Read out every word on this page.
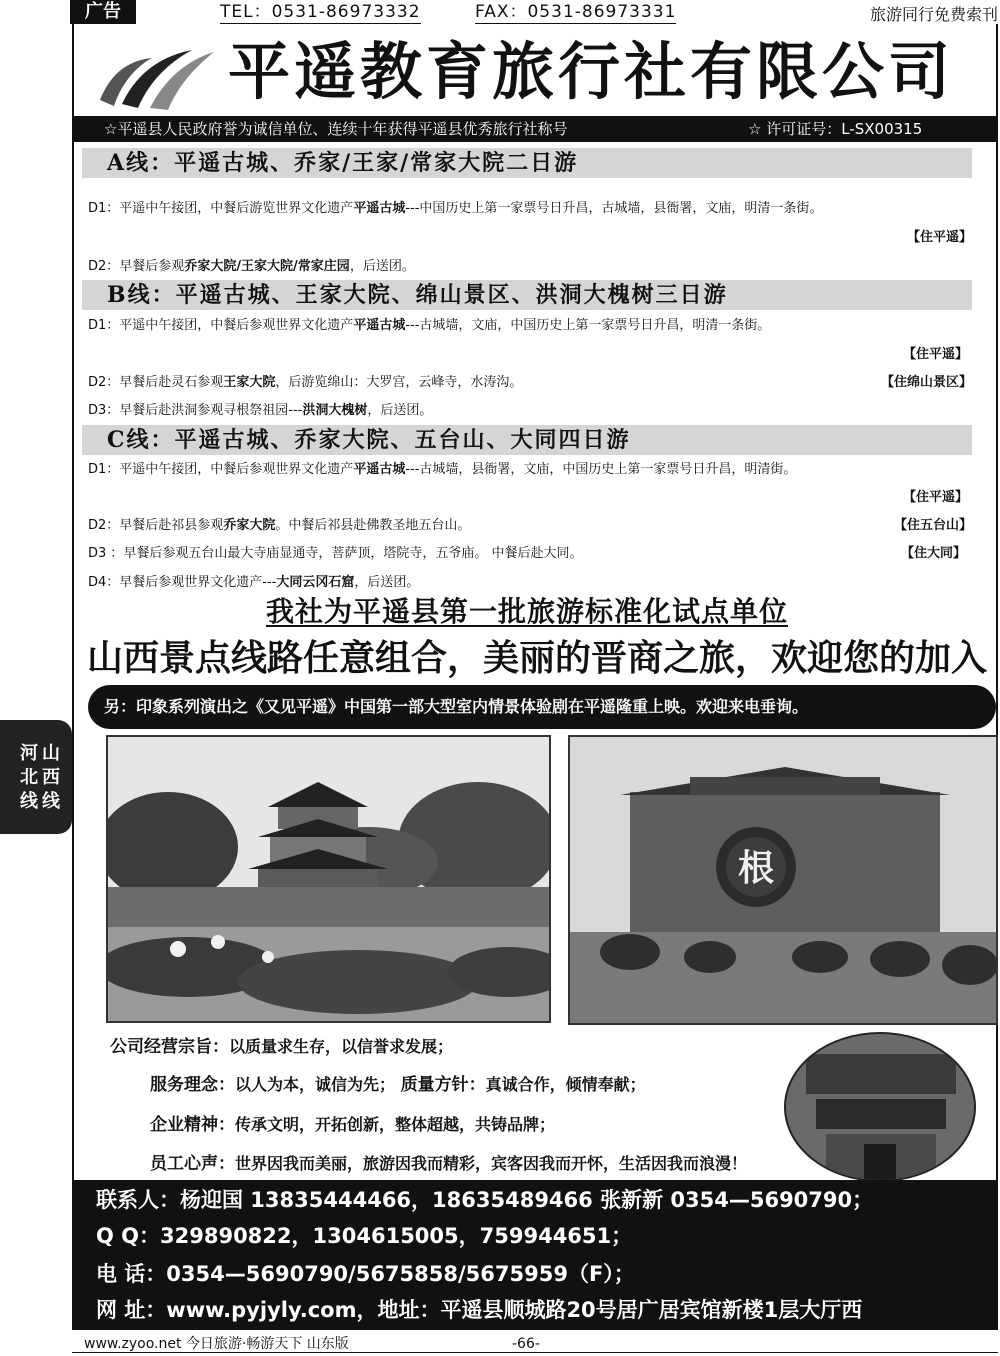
广告	TEL：0531-86973332	FAX：0531-86973331	旅游同行免费索刊
平遥教育旅行社有限公司
☆平遥县人民政府誉为诚信单位、连续十年获得平遥县优秀旅行社称号	☆ 许可证号：L-SX00315
A线：平遥古城、乔家/王家/常家大院二日游
D1：平遥中午接团，中餐后游览世界文化遗产平遥古城---中国历史上第一家票号日升昌，古城墙，县衙署，文庙，明清一条街。
【住平遥】
D2：早餐后参观乔家大院/王家大院/常家庄园，后送团。
B线：平遥古城、王家大院、绵山景区、洪洞大槐树三日游
D1：平遥中午接团，中餐后参观世界文化遗产平遥古城---古城墙，文庙，中国历史上第一家票号日升昌，明清一条街。
【住平遥】
D2：早餐后赴灵石参观王家大院，后游览绵山：大罗宫，云峰寺，水涛沟。	【住绵山景区】
D3：早餐后赴洪洞参观寻根祭祖园---洪洞大槐树，后送团。
C线：平遥古城、乔家大院、五台山、大同四日游
D1：平遥中午接团，中餐后参观世界文化遗产平遥古城---古城墙，县衙署，文庙，中国历史上第一家票号日升昌，明清街。
【住平遥】
D2：早餐后赴祁县参观乔家大院。中餐后祁县赴佛教圣地五台山。	【住五台山】
D3 ：早餐后参观五台山最大寺庙显通寺，菩萨顶，塔院寺，五爷庙。 中餐后赴大同。	【住大同】
D4：早餐后参观世界文化遗产---大同云冈石窟，后送团。
我社为平遥县第一批旅游标准化试点单位
山西景点线路任意组合，美丽的晋商之旅，欢迎您的加入
另：印象系列演出之《又见平遥》中国第一部大型室内情景体验剧在平遥隆重上映。欢迎来电垂询。
河
北
线
山
西
线
根
公司经营宗旨：以质量求生存，以信誉求发展；
服务理念：以人为本，诚信为先； 质量方针：真诚合作，倾情奉献；
企业精神：传承文明，开拓创新，整体超越，共铸品牌；
员工心声：世界因我而美丽，旅游因我而精彩，宾客因我而开怀，生活因我而浪漫！
联系人：杨迎国 13835444466，18635489466 张新新 0354—5690790；
Q Q：329890822，1304615005，759944651；
电 话：0354—5690790/5675858/5675959（F）；
网 址：www.pyjyly.com，地址：平遥县顺城路20号居广居宾馆新楼1层大厅西
www.zyoo.net 今日旅游·畅游天下 山东版	-66-
